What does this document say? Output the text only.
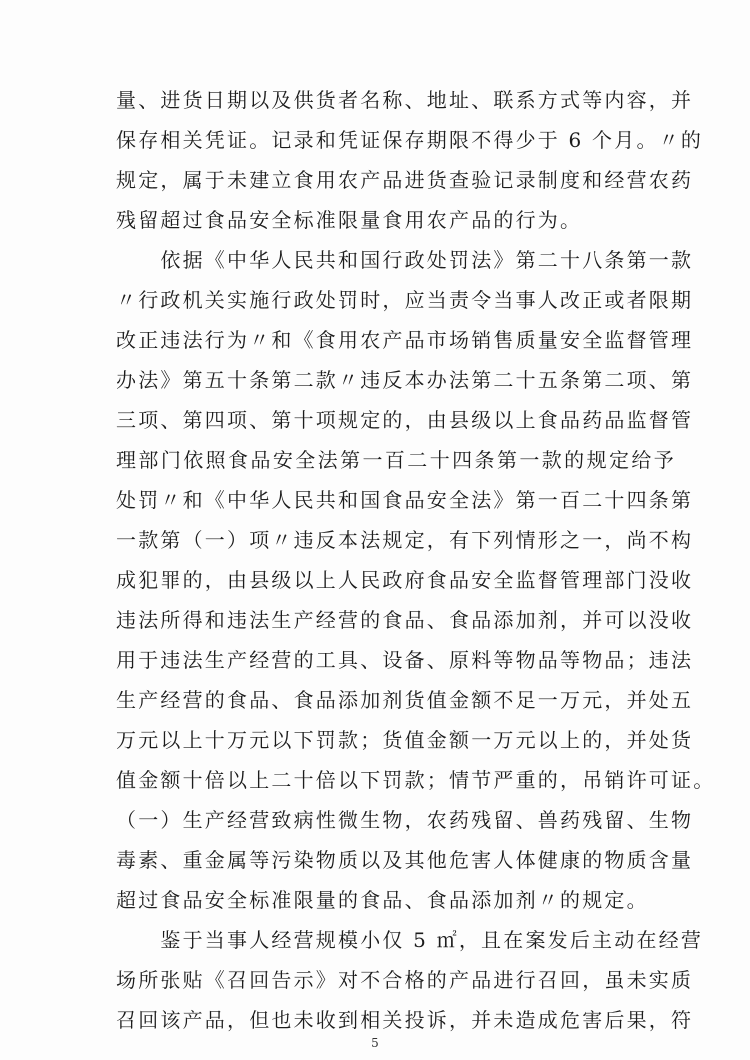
量、进货日期以及供货者名称、地址、联系方式等内容，并
保存相关凭证。记录和凭证保存期限不得少于 6 个月。〃的
规定，属于未建立食用农产品进货查验记录制度和经营农药
残留超过食品安全标准限量食用农产品的行为。
　　依据《中华人民共和国行政处罚法》第二十八条第一款
〃行政机关实施行政处罚时，应当责令当事人改正或者限期
改正违法行为〃和《食用农产品市场销售质量安全监督管理
办法》第五十条第二款〃违反本办法第二十五条第二项、第
三项、第四项、第十项规定的，由县级以上食品药品监督管
理部门依照食品安全法第一百二十四条第一款的规定给予
处罚〃和《中华人民共和国食品安全法》第一百二十四条第
一款第（一）项〃违反本法规定，有下列情形之一，尚不构
成犯罪的，由县级以上人民政府食品安全监督管理部门没收
违法所得和违法生产经营的食品、食品添加剂，并可以没收
用于违法生产经营的工具、设备、原料等物品等物品；违法
生产经营的食品、食品添加剂货值金额不足一万元，并处五
万元以上十万元以下罚款；货值金额一万元以上的，并处货
值金额十倍以上二十倍以下罚款；情节严重的，吊销许可证。
（一）生产经营致病性微生物，农药残留、兽药残留、生物
毒素、重金属等污染物质以及其他危害人体健康的物质含量
超过食品安全标准限量的食品、食品添加剂〃的规定。
　　鉴于当事人经营规模小仅 5 ㎡，且在案发后主动在经营
场所张贴《召回告示》对不合格的产品进行召回，虽未实质
召回该产品，但也未收到相关投诉，并未造成危害后果，符
5
